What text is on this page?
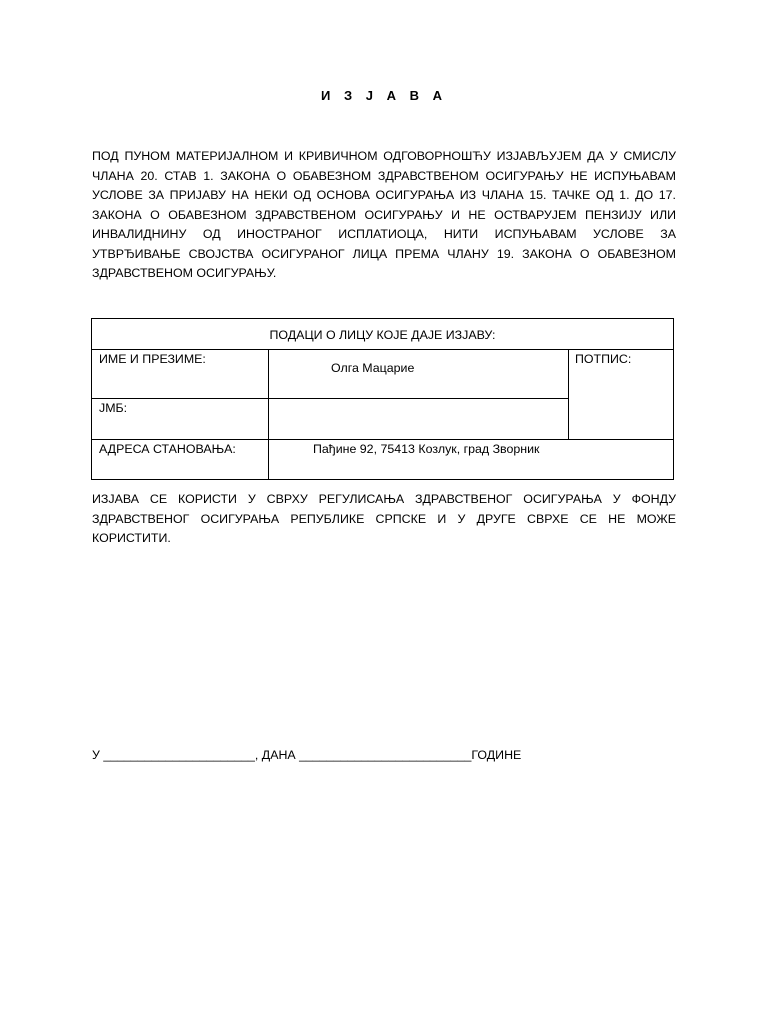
И З Ј А В А
ПОД ПУНОМ МАТЕРИЈАЛНОМ И КРИВИЧНОМ ОДГОВОРНОШЋУ ИЗЈАВЉУЈЕМ ДА У СМИСЛУ ЧЛАНА 20. СТАВ 1. ЗАКОНА О ОБАВЕЗНОМ ЗДРАВСТВЕНОМ ОСИГУРАЊУ НЕ ИСПУЊАВАМ УСЛОВЕ ЗА ПРИЈАВУ НА НЕКИ ОД ОСНОВА ОСИГУРАЊА ИЗ ЧЛАНА 15. ТАЧКЕ ОД 1. ДО 17. ЗАКОНА О ОБАВЕЗНОМ ЗДРАВСТВЕНОМ ОСИГУРАЊУ И НЕ ОСТВАРУЈЕМ ПЕНЗИЈУ ИЛИ ИНВАЛИДНИНУ ОД ИНОСТРАНОГ ИСПЛАТИОЦА, НИТИ ИСПУЊАВАМ УСЛОВЕ ЗА УТВРЂИВАЊЕ СВОЈСТВА ОСИГУРАНОГ ЛИЦА ПРЕМА ЧЛАНУ 19. ЗАКОНА О ОБАВЕЗНОМ ЗДРАВСТВЕНОМ ОСИГУРАЊУ.
ПОДАЦИ О ЛИЦУ КОЈЕ ДАЈЕ ИЗЈАВУ:		
ИМЕ И ПРЕЗИМЕ:	Олга Мацарие	ПОТПИС:
ЈМБ:		
АДРЕСА СТАНОВАЊА:	Пађине 92, 75413 Козлук, град Зворник	
ИЗЈАВА СЕ КОРИСТИ У СВРХУ РЕГУЛИСАЊА ЗДРАВСТВЕНОГ ОСИГУРАЊА У ФОНДУ ЗДРАВСТВЕНОГ ОСИГУРАЊА РЕПУБЛИКЕ СРПСКЕ И У ДРУГЕ СВРХЕ СЕ НЕ МОЖЕ КОРИСТИТИ.
У ______________________, ДАНА _________________________ГОДИНЕ
